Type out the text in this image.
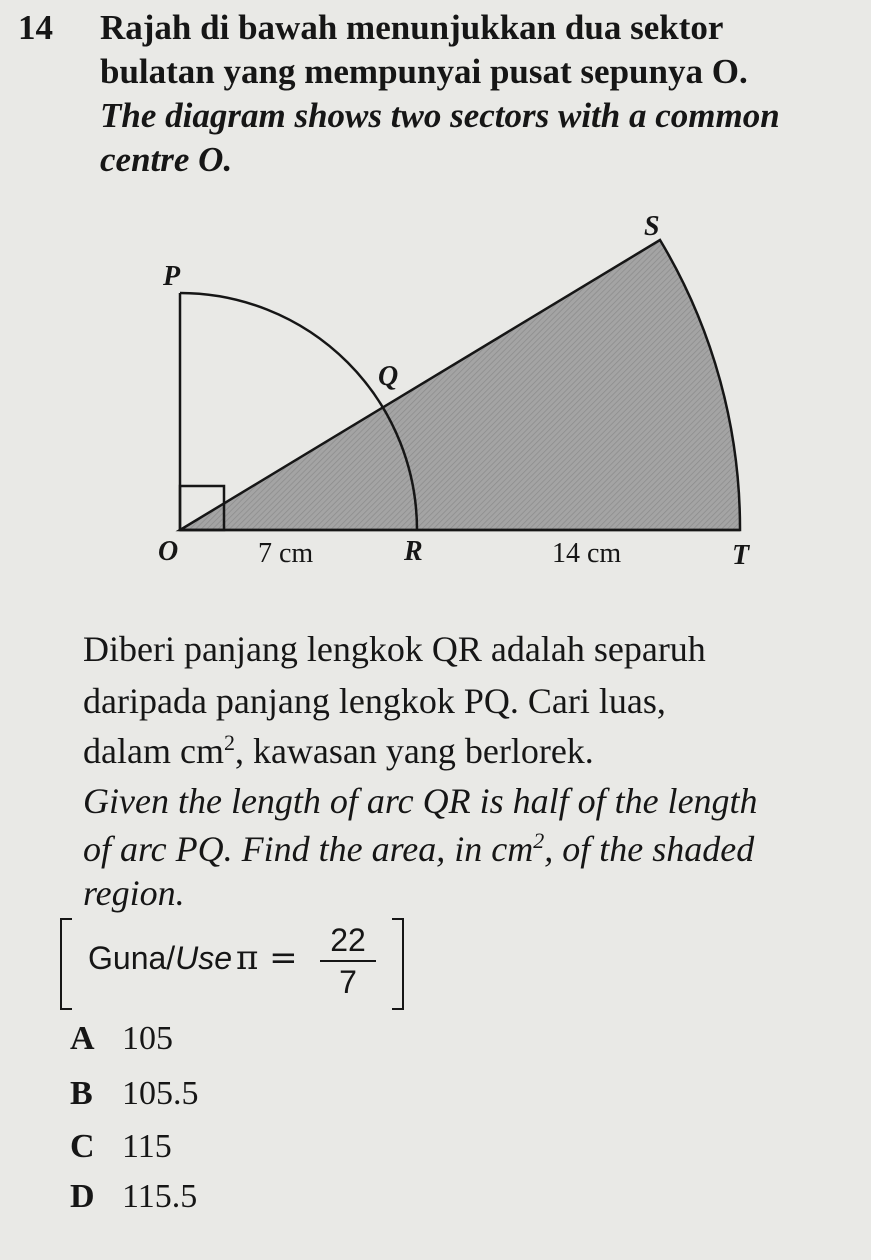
14 Rajah di bawah menunjukkan dua sektor
bulatan yang mempunyai pusat sepunya O.
The diagram shows two sectors with a common
centre O.
P
Q
S
O	R	T
7 cm	14 cm
Diberi panjang lengkok QR adalah separuh
daripada panjang lengkok PQ. Cari luas,
dalam $cm^2$, kawasan yang berlorek.
Given the length of arc QR is half of the length
of arc PQ. Find the area, in $cm^2$, of the shaded
region.
Guna/Use $\pi = \frac{22}{7}$
A 105
B 105.5
C 115
D 115.5
